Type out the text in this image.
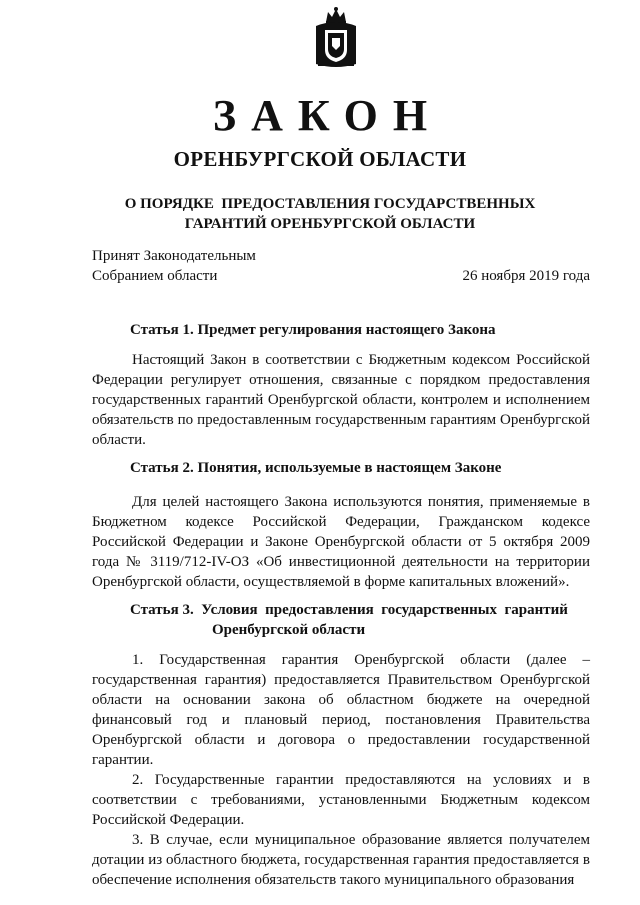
ЗАКОН
ОРЕНБУРГСКОЙ ОБЛАСТИ
О ПОРЯДКЕ  ПРЕДОСТАВЛЕНИЯ ГОСУДАРСТВЕННЫХ
ГАРАНТИЙ ОРЕНБУРГСКОЙ ОБЛАСТИ
Принят Законодательным
Собранием области	26 ноября 2019 года
Статья 1. Предмет регулирования настоящего Закона

Настоящий Закон в соответствии с Бюджетным кодексом Российской Федерации регулирует отношения, связанные с порядком предоставления государственных гарантий Оренбургской области, контролем и исполнением обязательств по предоставленным государственным гарантиям Оренбургской области.

Статья 2. Понятия, используемые в настоящем Законе

Для целей настоящего Закона используются понятия, применяемые в Бюджетном кодексе Российской Федерации, Гражданском кодексе Российской Федерации и Законе Оренбургской области от 5 октября 2009 года № 3119/712-IV-ОЗ «Об инвестиционной деятельности на территории Оренбургской области, осуществляемой в форме капитальных вложений».

Статья 3.  Условия  предоставления  государственных  гарантий
Оренбургской области

1. Государственная гарантия Оренбургской области (далее – государственная гарантия) предоставляется Правительством Оренбургской области на основании закона об областном бюджете на очередной финансовый год и плановый период, постановления Правительства Оренбургской области и договора о предоставлении государственной гарантии.

2. Государственные гарантии предоставляются на условиях и в соответствии с требованиями, установленными Бюджетным кодексом Российской Федерации.

3. В случае, если муниципальное образование является получателем дотации из областного бюджета, государственная гарантия предоставляется в обеспечение исполнения обязательств такого муниципального образования
